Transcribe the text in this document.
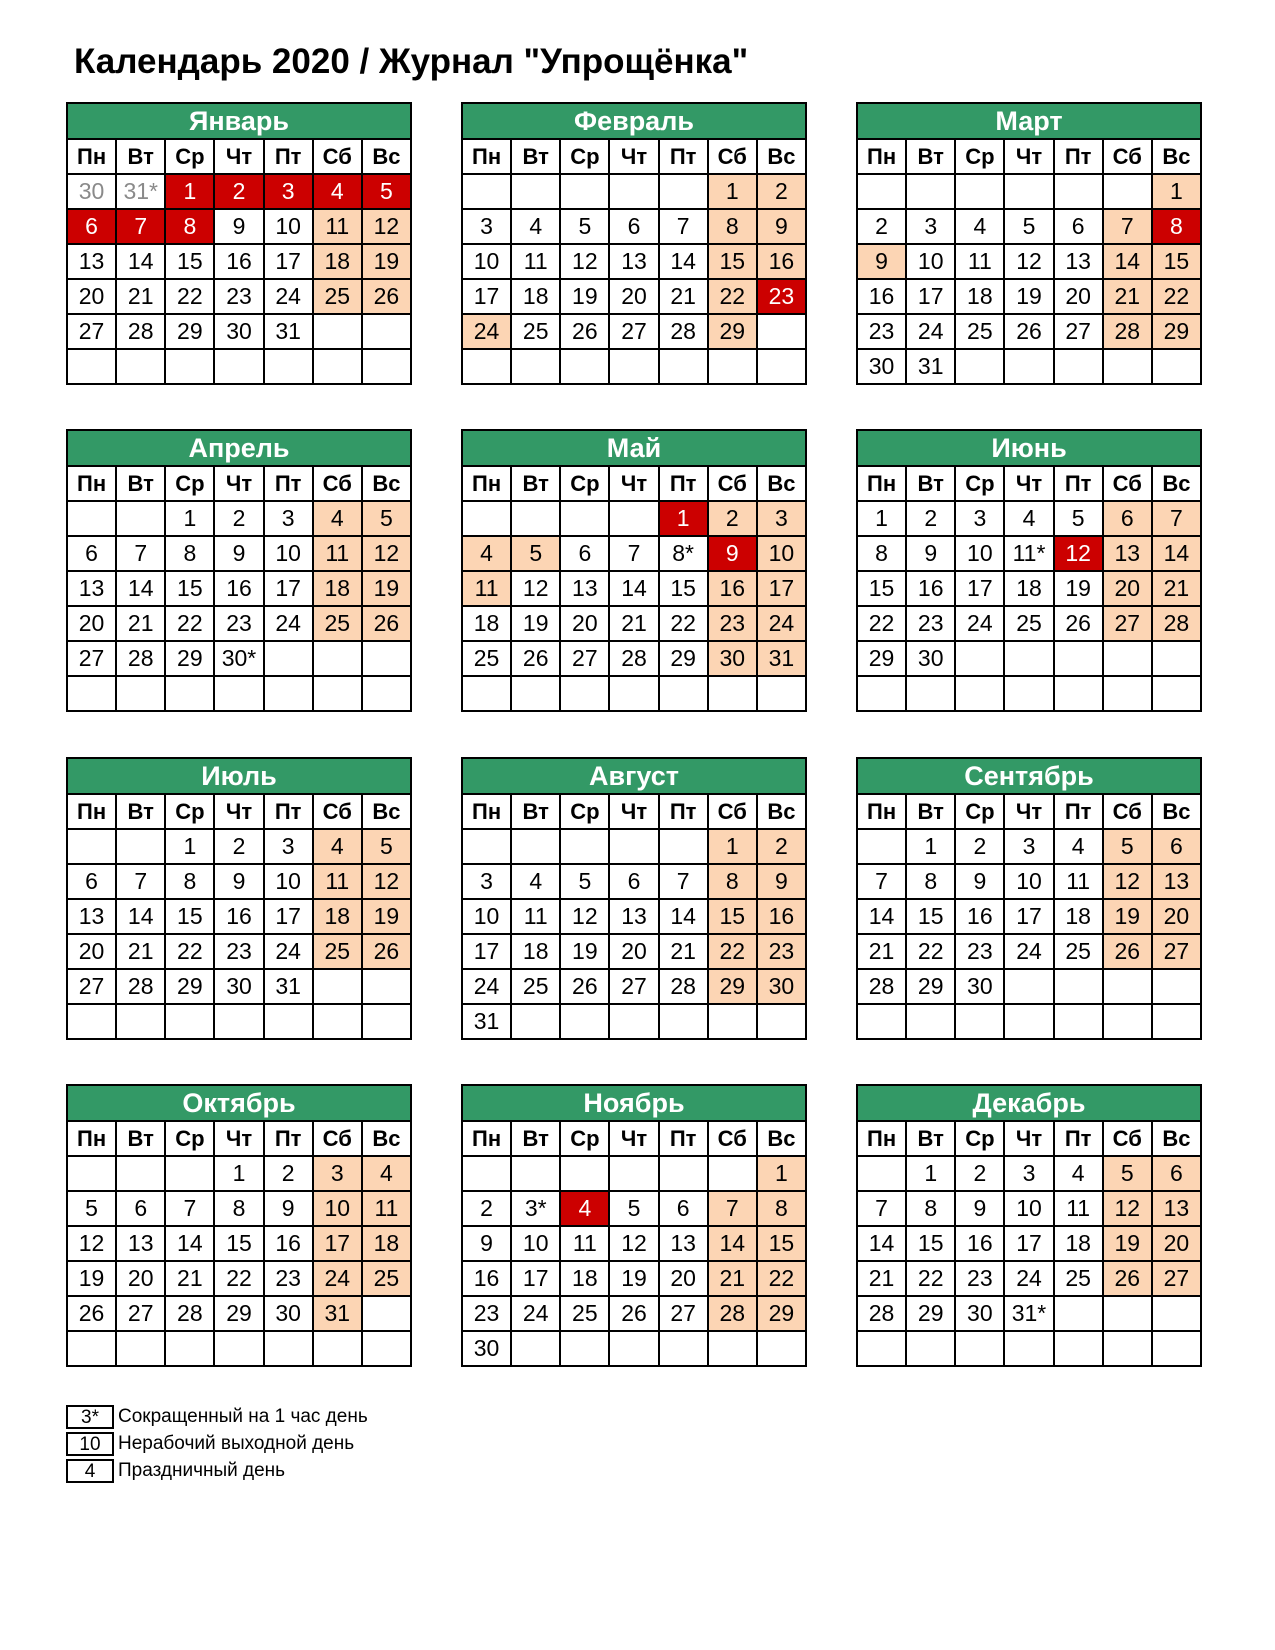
Календарь 2020 / Журнал "Упрощёнка"
Январь						
Пн	Вт	Ср	Чт	Пт	Сб	Вс
30	31*	1	2	3	4	5
6	7	8	9	10	11	12
13	14	15	16	17	18	19
20	21	22	23	24	25	26
27	28	29	30	31		

Февраль						
Пн	Вт	Ср	Чт	Пт	Сб	Вс
					1	2
3	4	5	6	7	8	9
10	11	12	13	14	15	16
17	18	19	20	21	22	23
24	25	26	27	28	29	

Март						
Пн	Вт	Ср	Чт	Пт	Сб	Вс
						1
2	3	4	5	6	7	8
9	10	11	12	13	14	15
16	17	18	19	20	21	22
23	24	25	26	27	28	29
30	31					
Апрель						
Пн	Вт	Ср	Чт	Пт	Сб	Вс
		1	2	3	4	5
6	7	8	9	10	11	12
13	14	15	16	17	18	19
20	21	22	23	24	25	26
27	28	29	30*			

Май						
Пн	Вт	Ср	Чт	Пт	Сб	Вс
				1	2	3
4	5	6	7	8*	9	10
11	12	13	14	15	16	17
18	19	20	21	22	23	24
25	26	27	28	29	30	31

Июнь						
Пн	Вт	Ср	Чт	Пт	Сб	Вс
1	2	3	4	5	6	7
8	9	10	11*	12	13	14
15	16	17	18	19	20	21
22	23	24	25	26	27	28
29	30					

Июль						
Пн	Вт	Ср	Чт	Пт	Сб	Вс
		1	2	3	4	5
6	7	8	9	10	11	12
13	14	15	16	17	18	19
20	21	22	23	24	25	26
27	28	29	30	31		

Август						
Пн	Вт	Ср	Чт	Пт	Сб	Вс
					1	2
3	4	5	6	7	8	9
10	11	12	13	14	15	16
17	18	19	20	21	22	23
24	25	26	27	28	29	30
31						
Сентябрь						
Пн	Вт	Ср	Чт	Пт	Сб	Вс
	1	2	3	4	5	6
7	8	9	10	11	12	13
14	15	16	17	18	19	20
21	22	23	24	25	26	27
28	29	30				

Октябрь						
Пн	Вт	Ср	Чт	Пт	Сб	Вс
			1	2	3	4
5	6	7	8	9	10	11
12	13	14	15	16	17	18
19	20	21	22	23	24	25
26	27	28	29	30	31	

Ноябрь						
Пн	Вт	Ср	Чт	Пт	Сб	Вс
						1
2	3*	4	5	6	7	8
9	10	11	12	13	14	15
16	17	18	19	20	21	22
23	24	25	26	27	28	29
30						
Декабрь						
Пн	Вт	Ср	Чт	Пт	Сб	Вс
	1	2	3	4	5	6
7	8	9	10	11	12	13
14	15	16	17	18	19	20
21	22	23	24	25	26	27
28	29	30	31*			

3*	Сокращенный на 1 час день
10 Нерабочий выходной день
4	Праздничный день
